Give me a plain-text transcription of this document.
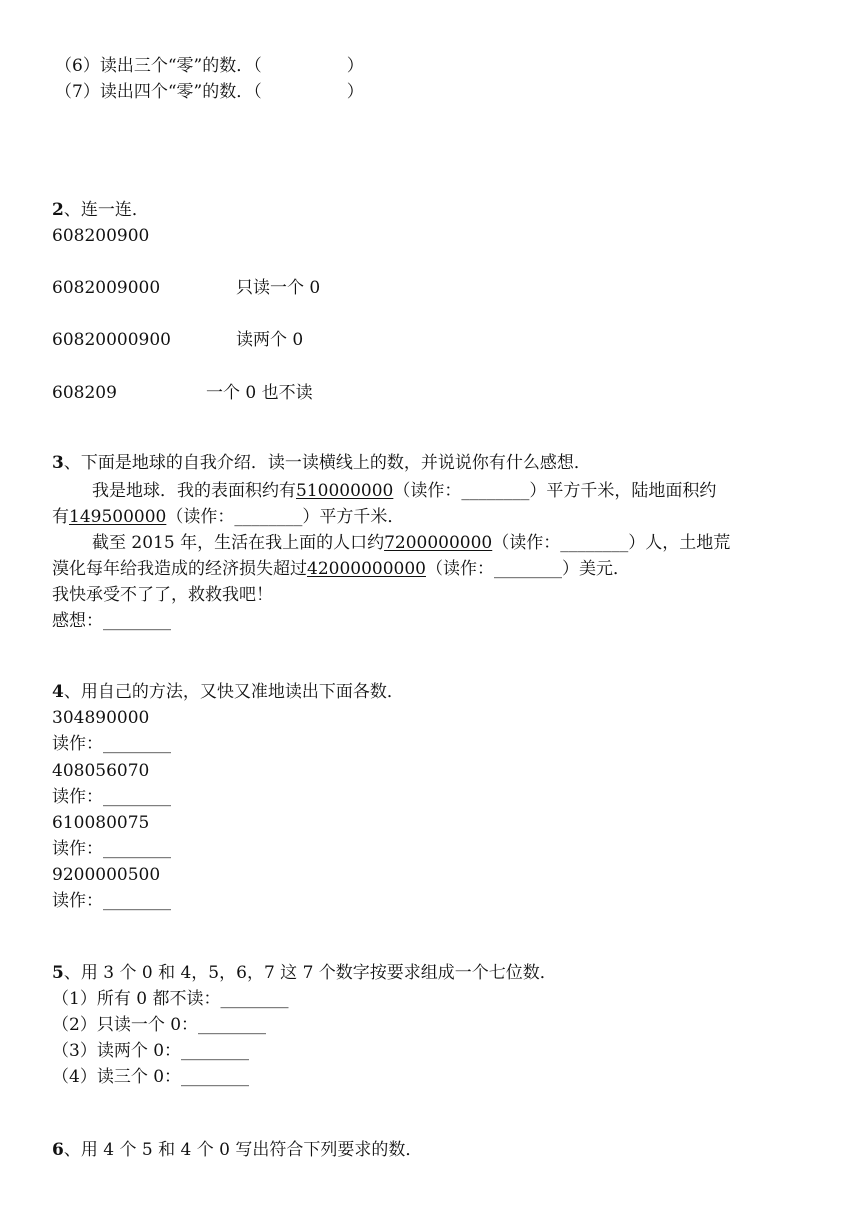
（6）读出三个“零”的数．（　　　　　）
（7）读出四个“零”的数．（　　　　　）
2、连一连．
608200900
6082009000	只读一个 0
60820000900	读两个 0
608209	一个 0 也不读
3、下面是地球的自我介绍．读一读横线上的数，并说说你有什么感想．
我是地球．我的表面积约有510000000（读作：________）平方千米，陆地面积约
有149500000（读作：________）平方千米．
截至 2015 年，生活在我上面的人口约7200000000（读作：________）人，土地荒
漠化每年给我造成的经济损失超过42000000000（读作：________）美元．
我快承受不了了，救救我吧！
感想：________
4、用自己的方法，又快又准地读出下面各数．
304890000
读作：________
408056070
读作：________
610080075
读作：________
9200000500
读作：________
5、用 3 个 0 和 4，5，6，7 这 7 个数字按要求组成一个七位数．
（1）所有 0 都不读：________
（2）只读一个 0：________
（3）读两个 0：________
（4）读三个 0：________
6、用 4 个 5 和 4 个 0 写出符合下列要求的数．
